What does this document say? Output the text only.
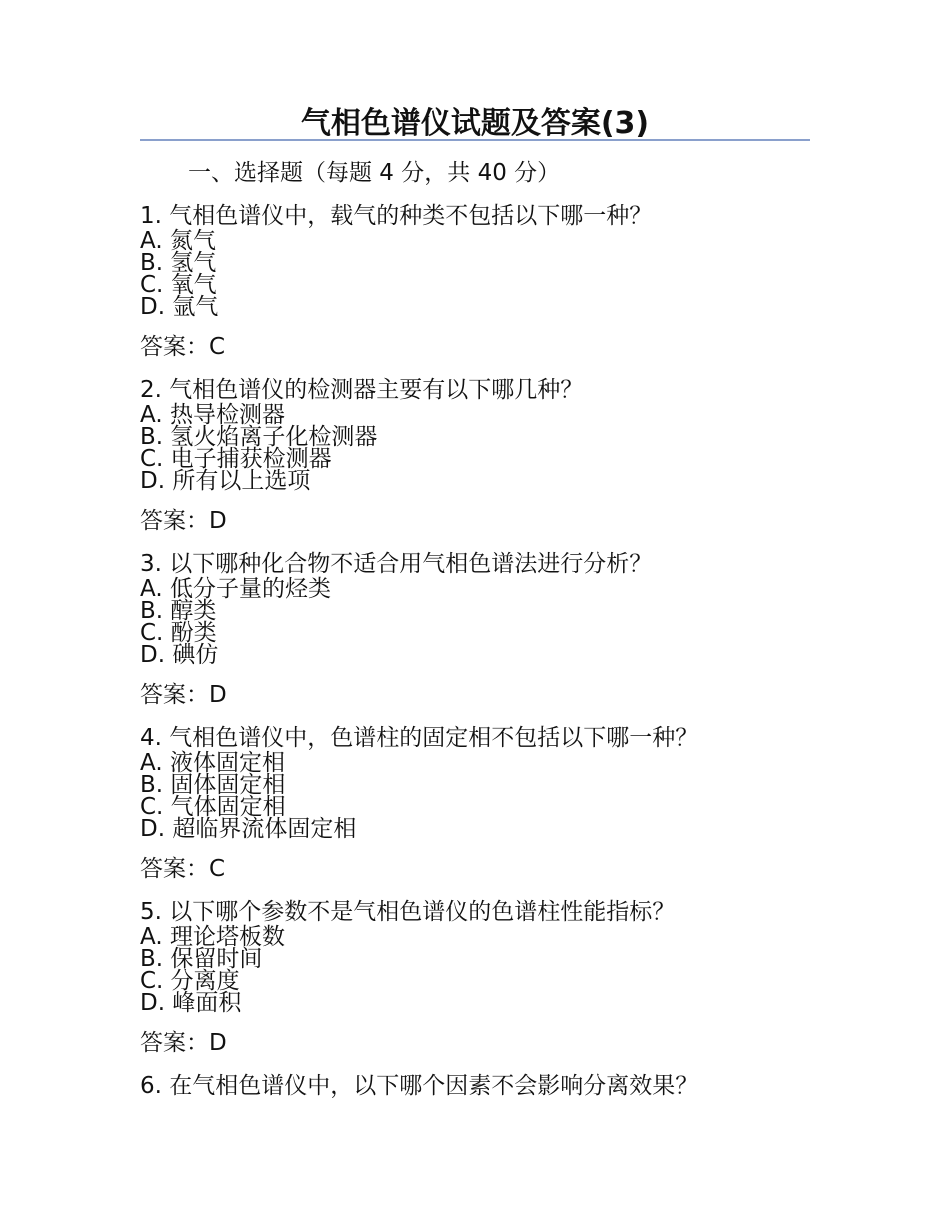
气相色谱仪试题及答案(3)
一、选择题（每题 4 分，共 40 分）
1. 气相色谱仪中，载气的种类不包括以下哪一种？
A. 氮气
B. 氢气
C. 氧气
D. 氩气
答案：C
2. 气相色谱仪的检测器主要有以下哪几种？
A. 热导检测器
B. 氢火焰离子化检测器
C. 电子捕获检测器
D. 所有以上选项
答案：D
3. 以下哪种化合物不适合用气相色谱法进行分析？
A. 低分子量的烃类
B. 醇类
C. 酚类
D. 碘仿
答案：D
4. 气相色谱仪中，色谱柱的固定相不包括以下哪一种？
A. 液体固定相
B. 固体固定相
C. 气体固定相
D. 超临界流体固定相
答案：C
5. 以下哪个参数不是气相色谱仪的色谱柱性能指标？
A. 理论塔板数
B. 保留时间
C. 分离度
D. 峰面积
答案：D
6. 在气相色谱仪中，以下哪个因素不会影响分离效果？
